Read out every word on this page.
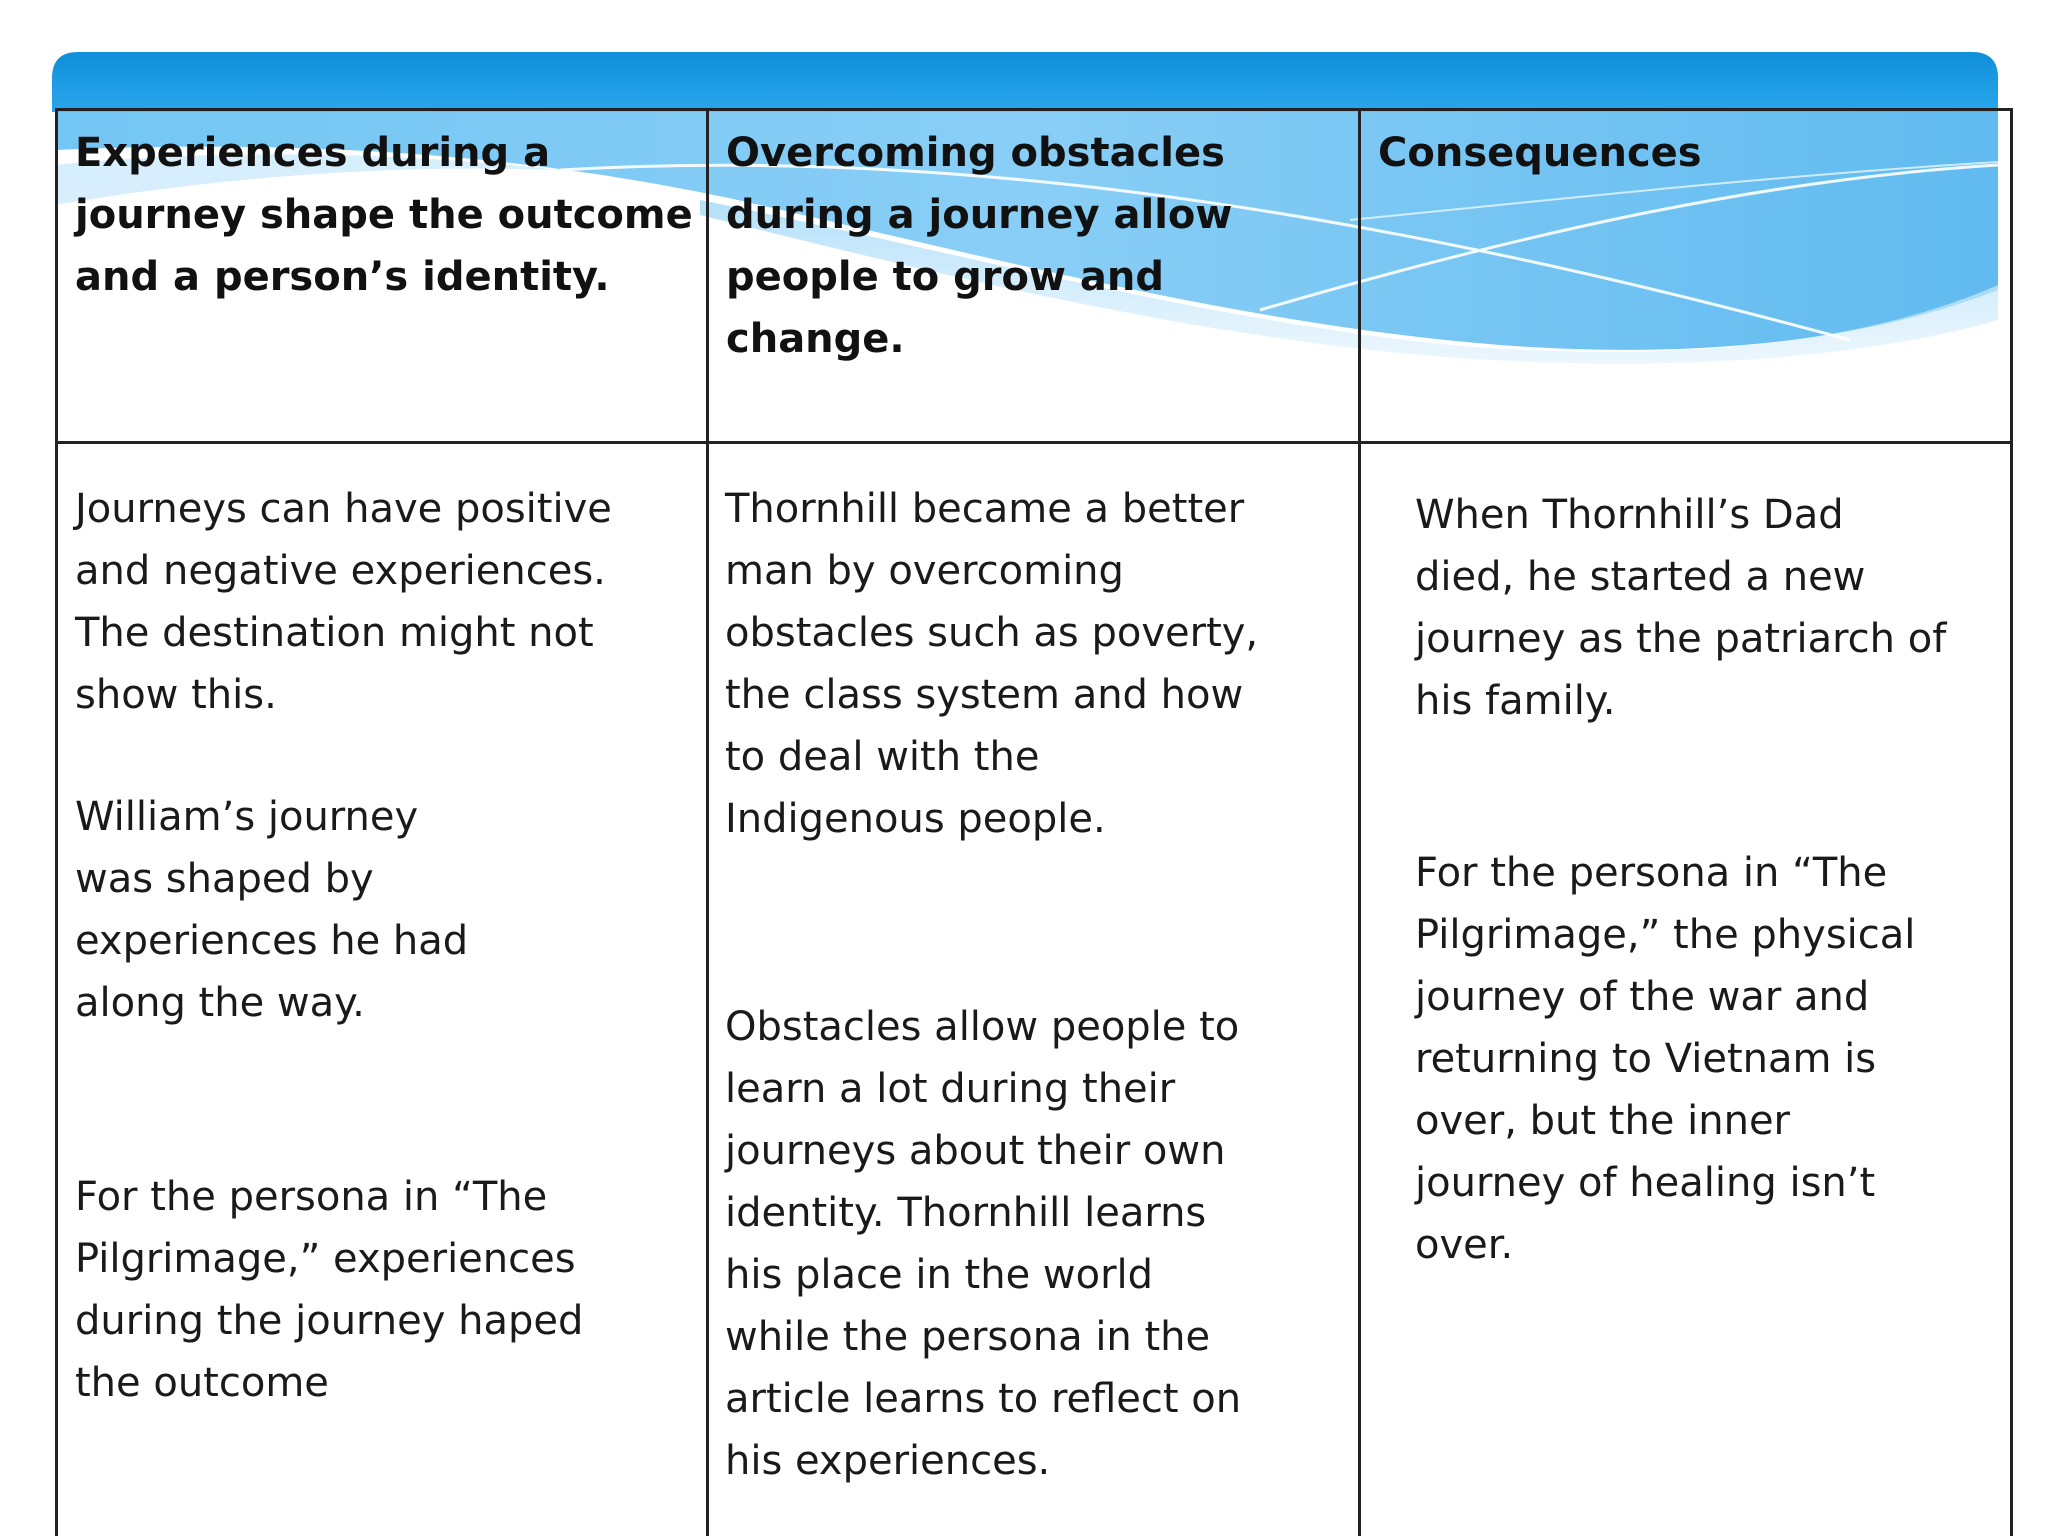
Experiences during a journey shape the outcome and a person’s identity.

Overcoming obstacles during a journey allow people to grow and change.

Consequences

Journeys can have positive
and negative experiences.
The destination might not
show this.

William’s journey
was shaped by
experiences he had
along the way.

For the persona in “The
Pilgrimage,” experiences
during the journey haped
the outcome

Thornhill became a better
man by overcoming
obstacles such as poverty,
the class system and how
to deal with the
Indigenous people.

Obstacles allow people to
learn a lot during their
journeys about their own
identity. Thornhill learns
his place in the world
while the persona in the
article learns to reflect on
his experiences.

When Thornhill’s Dad
died, he started a new
journey as the patriarch of
his family.

For the persona in “The
Pilgrimage,” the physical
journey of the war and
returning to Vietnam is
over, but the inner
journey of healing isn’t
over.
